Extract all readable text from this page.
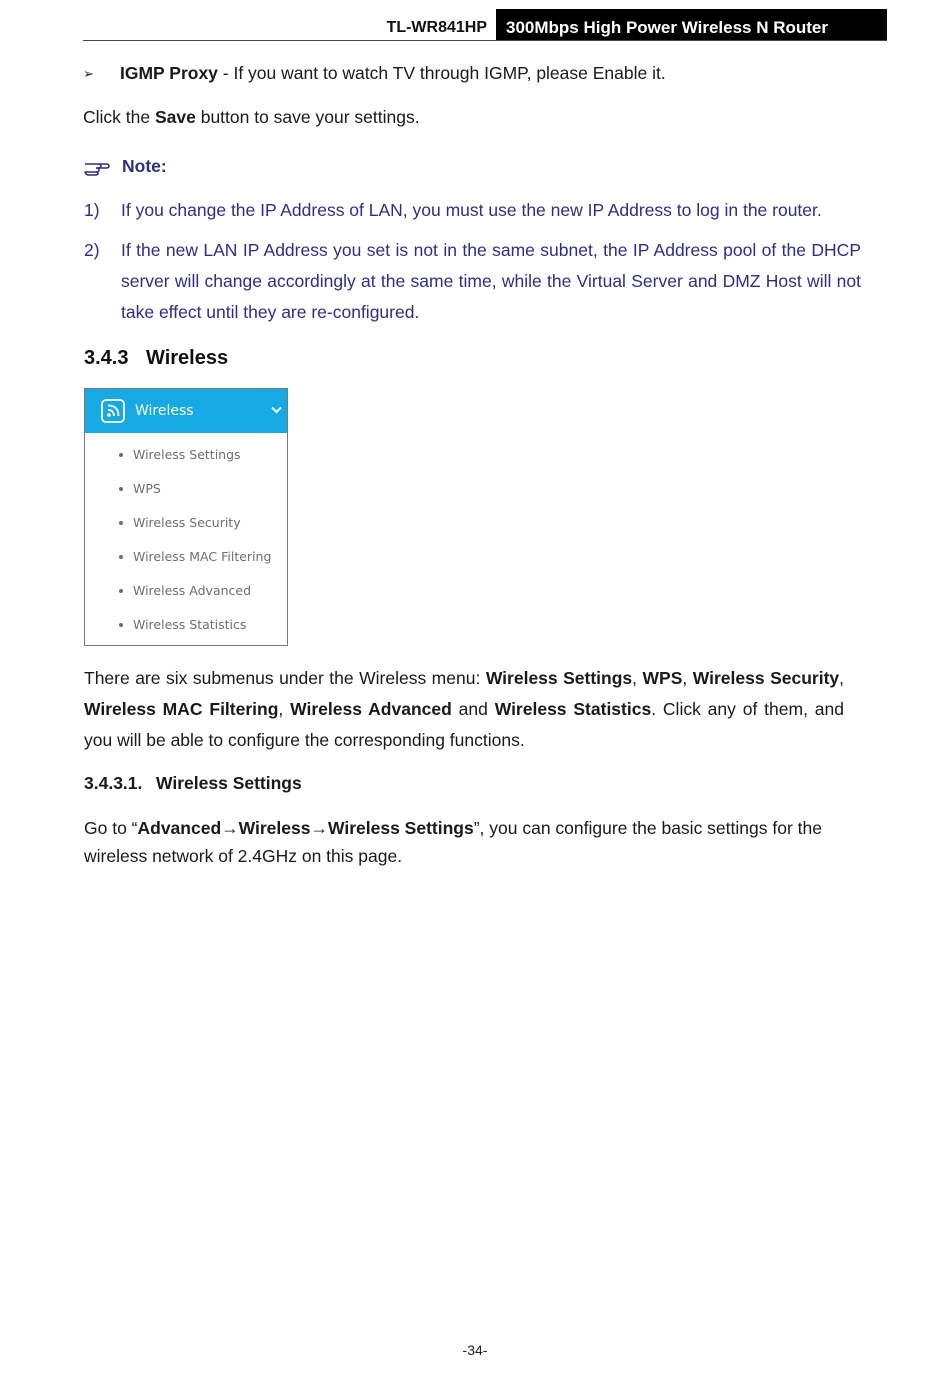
TL-WR841HP	300Mbps High Power Wireless N Router
➢ IGMP Proxy - If you want to watch TV through IGMP, please Enable it.
Click the Save button to save your settings.
Note:
1) If you change the IP Address of LAN, you must use the new IP Address to log in the router.
2) If the new LAN IP Address you set is not in the same subnet, the IP Address pool of the DHCP server will change accordingly at the same time, while the Virtual Server and DMZ Host will not take effect until they are re-configured.
3.4.3 Wireless
Wireless
Wireless Settings
WPS
Wireless Security
Wireless MAC Filtering
Wireless Advanced
Wireless Statistics
There are six submenus under the Wireless menu: Wireless Settings, WPS, Wireless Security, Wireless MAC Filtering, Wireless Advanced and Wireless Statistics. Click any of them, and you will be able to configure the corresponding functions.
3.4.3.1. Wireless Settings
Go to “Advanced→Wireless→Wireless Settings”, you can configure the basic settings for the wireless network of 2.4GHz on this page.
-34-
